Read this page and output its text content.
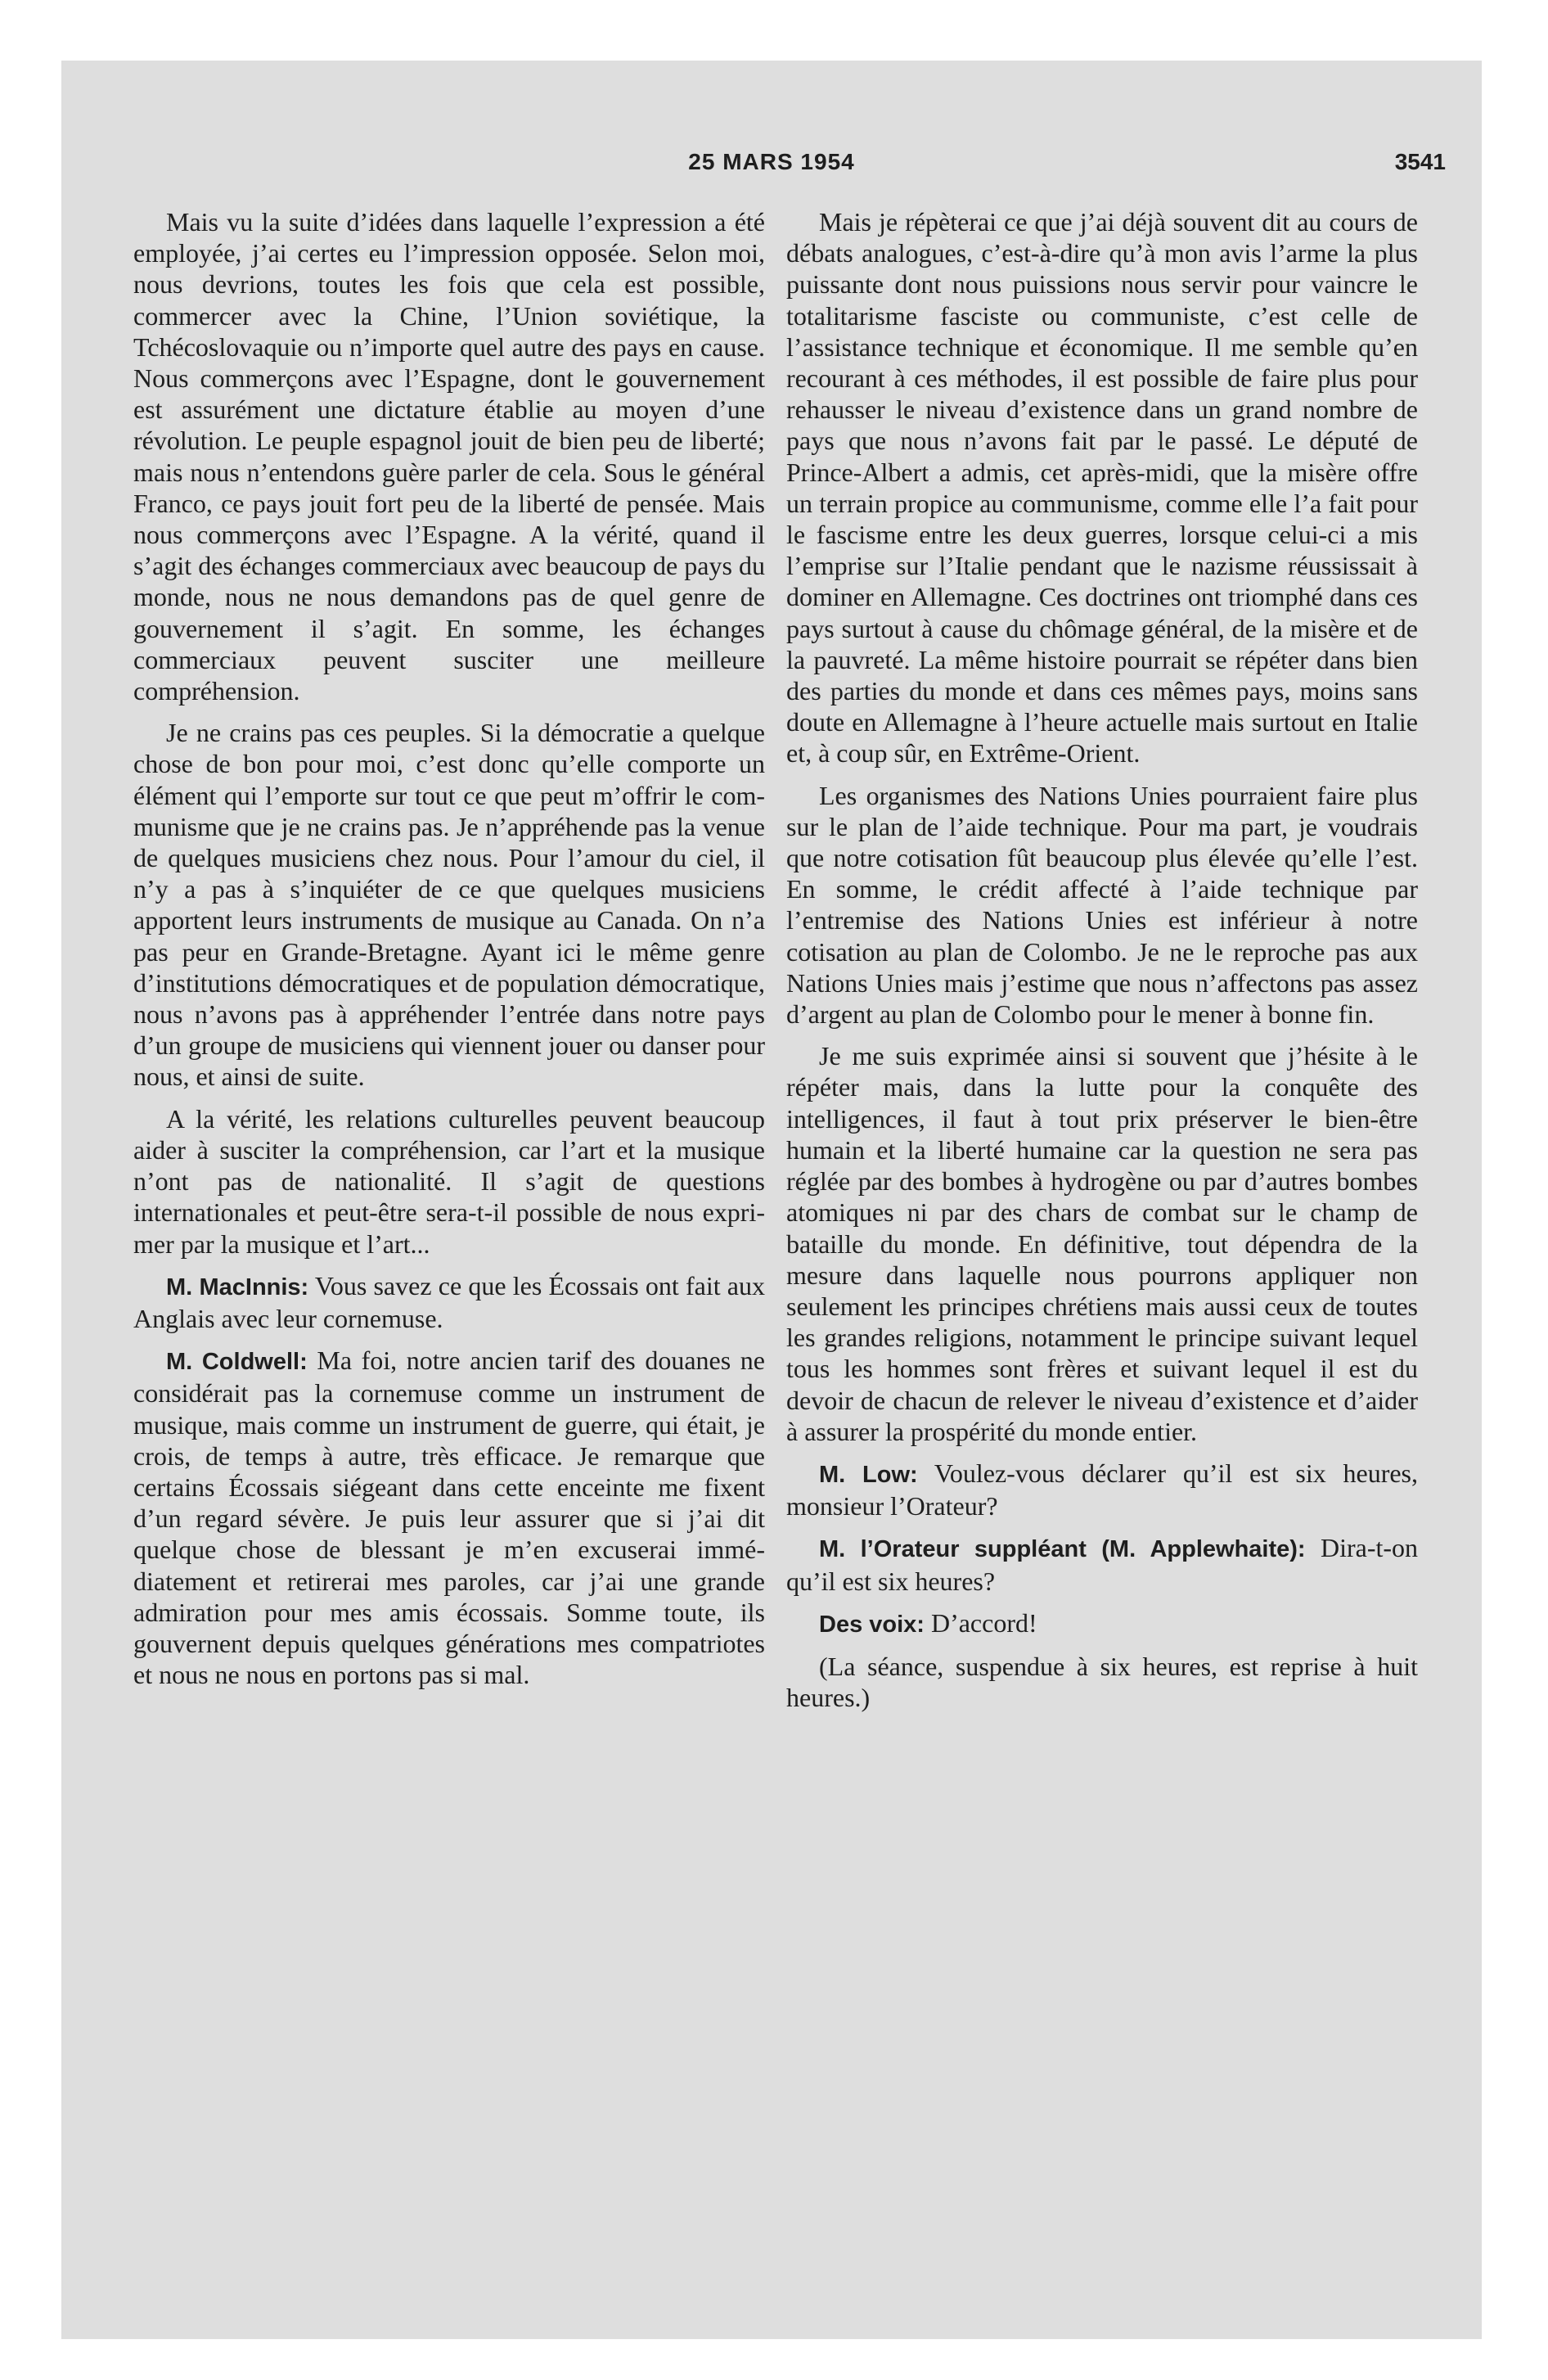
25 MARS 1954	3541

Mais vu la suite d’idées dans laquelle l’expression a été employée, j’ai certes eu l’impression opposée. Selon moi, nous devrions, toutes les fois que cela est possible, commercer avec la Chine, l’Union soviétique, la Tchécoslovaquie ou n’importe quel autre des pays en cause. Nous commerçons avec l’Espagne, dont le gouvernement est assurément une dictature établie au moyen d’une révolution. Le peuple espagnol jouit de bien peu de liberté; mais nous n’entendons guère parler de cela. Sous le général Franco, ce pays jouit fort peu de la liberté de pensée. Mais nous commerçons avec l’Espagne. A la vérité, quand il s’agit des échanges commerciaux avec beaucoup de pays du monde, nous ne nous demandons pas de quel genre de gouvernement il s’agit. En somme, les échanges commerciaux peuvent susciter une meilleure compréhension.

Je ne crains pas ces peuples. Si la démocratie a quelque chose de bon pour moi, c’est donc qu’elle comporte un élément qui l’emporte sur tout ce que peut m’offrir le communisme que je ne crains pas. Je n’appréhende pas la venue de quelques musiciens chez nous. Pour l’amour du ciel, il n’y a pas à s’inquiéter de ce que quelques musiciens apportent leurs instruments de musique au Canada. On n’a pas peur en Grande-Bretagne. Ayant ici le même genre d’institutions démocratiques et de population démocratique, nous n’avons pas à appréhender l’entrée dans notre pays d’un groupe de musiciens qui viennent jouer ou danser pour nous, et ainsi de suite.

A la vérité, les relations culturelles peuvent beaucoup aider à susciter la compréhension, car l’art et la musique n’ont pas de nationalité. Il s’agit de questions internationales et peut-être sera-t-il possible de nous exprimer par la musique et l’art...

M. MacInnis: Vous savez ce que les Écossais ont fait aux Anglais avec leur cornemuse.

M. Coldwell: Ma foi, notre ancien tarif des douanes ne considérait pas la cornemuse comme un instrument de musique, mais comme un instrument de guerre, qui était, je crois, de temps à autre, très efficace. Je remarque que certains Écossais siégeant dans cette enceinte me fixent d’un regard sévère. Je puis leur assurer que si j’ai dit quelque chose de blessant je m’en excuserai immédiatement et retirerai mes paroles, car j’ai une grande admiration pour mes amis écossais. Somme toute, ils gouvernent depuis quelques générations mes compatriotes et nous ne nous en portons pas si mal.

Mais je répèterai ce que j’ai déjà souvent dit au cours de débats analogues, c’est-à-dire qu’à mon avis l’arme la plus puissante dont nous puissions nous servir pour vaincre le totalitarisme fasciste ou communiste, c’est celle de l’assistance technique et économique. Il me semble qu’en recourant à ces méthodes, il est possible de faire plus pour rehausser le niveau d’existence dans un grand nombre de pays que nous n’avons fait par le passé. Le député de Prince-Albert a admis, cet après-midi, que la misère offre un terrain propice au communisme, comme elle l’a fait pour le fascisme entre les deux guerres, lorsque celui-ci a mis l’emprise sur l’Italie pendant que le nazisme réussissait à dominer en Allemagne. Ces doctrines ont triomphé dans ces pays surtout à cause du chômage général, de la misère et de la pauvreté. La même histoire pourrait se répéter dans bien des parties du monde et dans ces mêmes pays, moins sans doute en Allemagne à l’heure actuelle mais surtout en Italie et, à coup sûr, en Extrême-Orient.

Les organismes des Nations Unies pourraient faire plus sur le plan de l’aide technique. Pour ma part, je voudrais que notre cotisation fût beaucoup plus élevée qu’elle l’est. En somme, le crédit affecté à l’aide technique par l’entremise des Nations Unies est inférieur à notre cotisation au plan de Colombo. Je ne le reproche pas aux Nations Unies mais j’estime que nous n’affectons pas assez d’argent au plan de Colombo pour le mener à bonne fin.

Je me suis exprimée ainsi si souvent que j’hésite à le répéter mais, dans la lutte pour la conquête des intelligences, il faut à tout prix préserver le bien-être humain et la liberté humaine car la question ne sera pas réglée par des bombes à hydrogène ou par d’autres bombes atomiques ni par des chars de combat sur le champ de bataille du monde. En définitive, tout dépendra de la mesure dans laquelle nous pourrons appliquer non seulement les principes chrétiens mais aussi ceux de toutes les grandes religions, notamment le principe suivant lequel tous les hommes sont frères et suivant lequel il est du devoir de chacun de relever le niveau d’existence et d’aider à assurer la prospérité du monde entier.

M. Low: Voulez-vous déclarer qu’il est six heures, monsieur l’Orateur?

M. l’Orateur suppléant (M. Applewhaite): Dira-t-on qu’il est six heures?

Des voix: D’accord!

(La séance, suspendue à six heures, est reprise à huit heures.)
